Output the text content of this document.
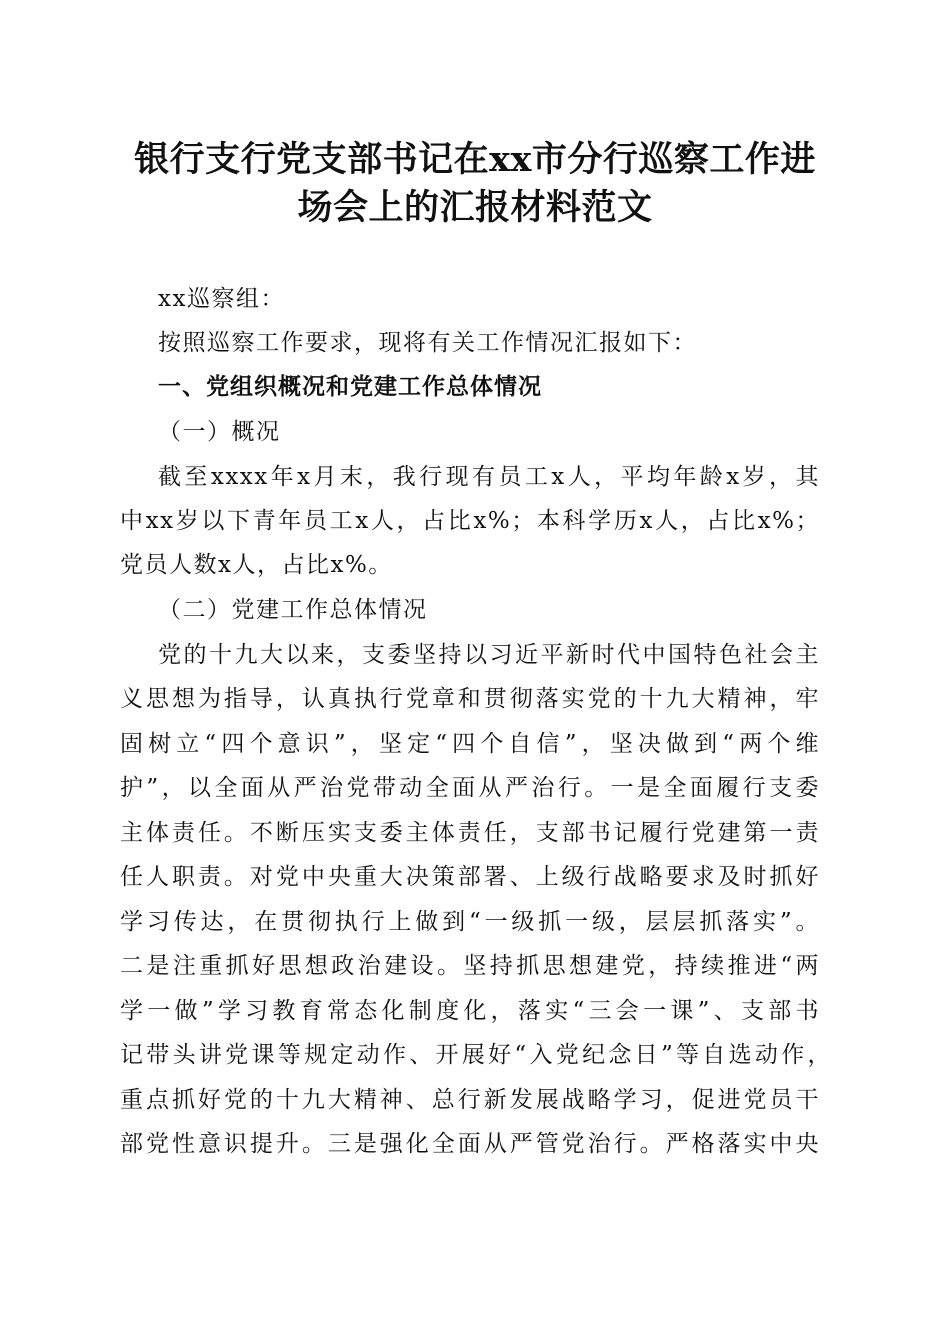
银行支行党支部书记在xx市分行巡察工作进
场会上的汇报材料范文
xx巡察组：
按照巡察工作要求，现将有关工作情况汇报如下：
一、党组织概况和党建工作总体情况
（一）概况
截至xxxx年x月末，我行现有员工x人，平均年龄x岁，其
中xx岁以下青年员工x人，占比x%；本科学历x人，占比x%；
党员人数x人，占比x%。
（二）党建工作总体情况
党的十九大以来，支委坚持以习近平新时代中国特色社会主
义思想为指导，认真执行党章和贯彻落实党的十九大精神，牢
固树立“四个意识”，坚定“四个自信”，坚决做到“两个维
护”，以全面从严治党带动全面从严治行。一是全面履行支委
主体责任。不断压实支委主体责任，支部书记履行党建第一责
任人职责。对党中央重大决策部署、上级行战略要求及时抓好
学习传达，在贯彻执行上做到“一级抓一级，层层抓落实”。
二是注重抓好思想政治建设。坚持抓思想建党，持续推进“两
学一做”学习教育常态化制度化，落实“三会一课”、支部书
记带头讲党课等规定动作、开展好“入党纪念日”等自选动作，
重点抓好党的十九大精神、总行新发展战略学习，促进党员干
部党性意识提升。三是强化全面从严管党治行。严格落实中央
